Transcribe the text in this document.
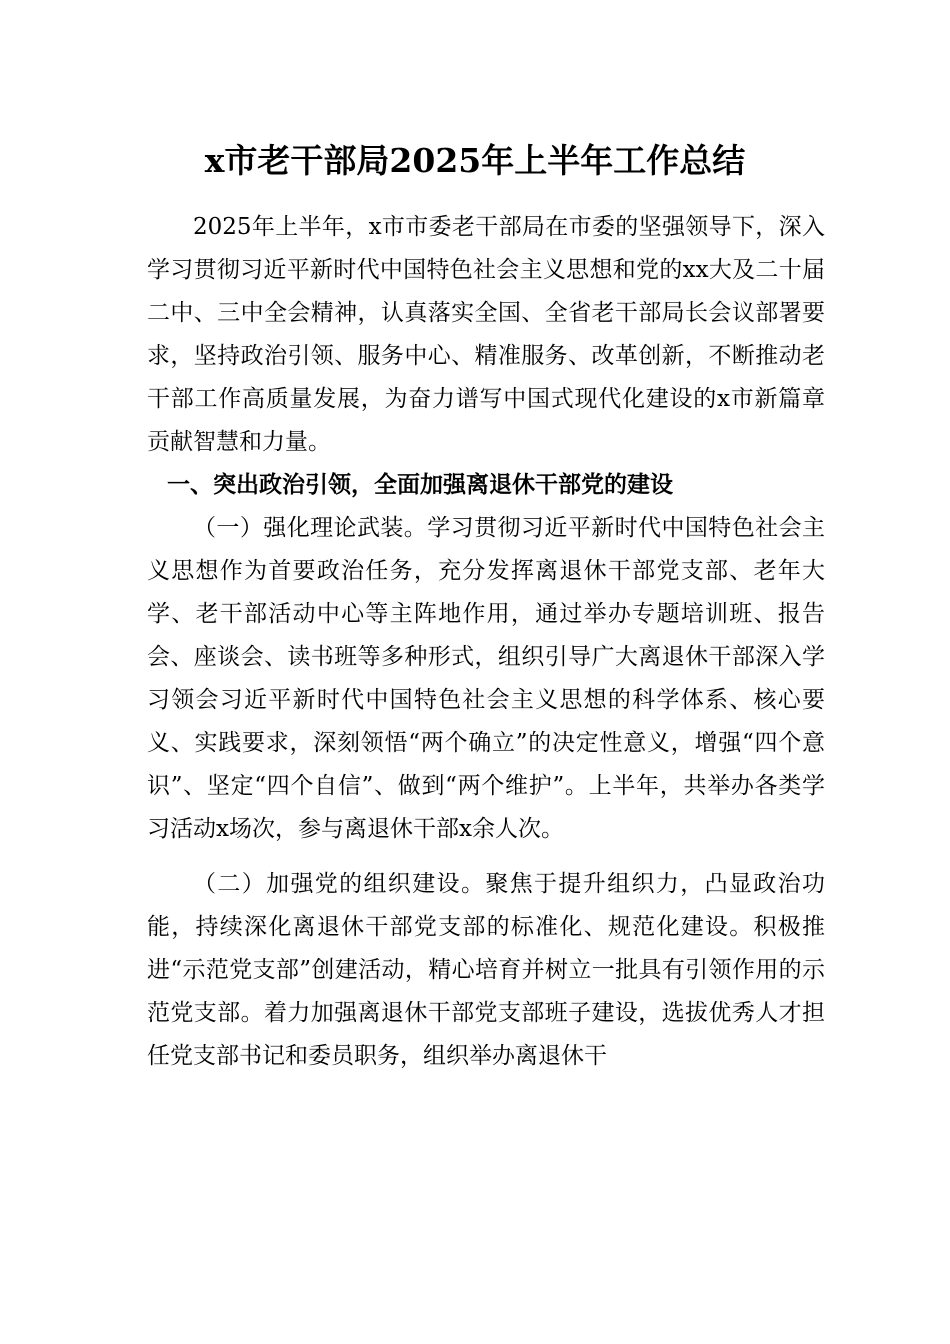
x市老干部局2025年上半年工作总结

2025年上半年，x市市委老干部局在市委的坚强领导下，深入学习贯彻习近平新时代中国特色社会主义思想和党的xx大及二十届二中、三中全会精神，认真落实全国、全省老干部局长会议部署要求，坚持政治引领、服务中心、精准服务、改革创新，不断推动老干部工作高质量发展，为奋力谱写中国式现代化建设的x市新篇章贡献智慧和力量。

一、突出政治引领，全面加强离退休干部党的建设

（一）强化理论武装。学习贯彻习近平新时代中国特色社会主义思想作为首要政治任务，充分发挥离退休干部党支部、老年大学、老干部活动中心等主阵地作用，通过举办专题培训班、报告会、座谈会、读书班等多种形式，组织引导广大离退休干部深入学习领会习近平新时代中国特色社会主义思想的科学体系、核心要义、实践要求，深刻领悟“两个确立”的决定性意义，增强“四个意识”、坚定“四个自信”、做到“两个维护”。上半年，共举办各类学习活动x场次，参与离退休干部x余人次。

（二）加强党的组织建设。聚焦于提升组织力，凸显政治功能，持续深化离退休干部党支部的标准化、规范化建设。积极推进“示范党支部”创建活动，精心培育并树立一批具有引领作用的示范党支部。着力加强离退休干部党支部班子建设，选拔优秀人才担任党支部书记和委员职务，组织举办离退休干
